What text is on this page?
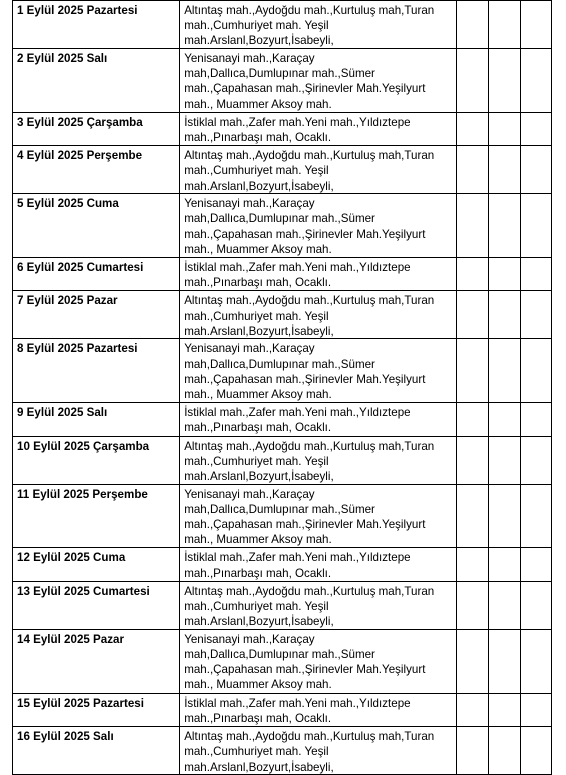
1 Eylül 2025 Pazartesi	Altıntaş mah.,Aydoğdu mah.,Kurtuluş mah,Turan
mah.,Cumhuriyet mah. Yeşil
mah.Arslanl,Bozyurt,İsabeyli,			

2 Eylül 2025 Salı	Yenisanayi mah.,Karaçay
mah,Dallıca,Dumlupınar mah.,Sümer
mah.,Çapahasan mah.,Şirinevler Mah.Yeşilyurt
mah., Muammer Aksoy mah.			

3 Eylül 2025 Çarşamba	İstiklal mah.,Zafer mah.Yeni mah.,Yıldıztepe
mah.,Pınarbaşı mah, Ocaklı.			

4 Eylül 2025 Perşembe	Altıntaş mah.,Aydoğdu mah.,Kurtuluş mah,Turan
mah.,Cumhuriyet mah. Yeşil
mah.Arslanl,Bozyurt,İsabeyli,			

5 Eylül 2025 Cuma	Yenisanayi mah.,Karaçay
mah,Dallıca,Dumlupınar mah.,Sümer
mah.,Çapahasan mah.,Şirinevler Mah.Yeşilyurt
mah., Muammer Aksoy mah.			

6 Eylül 2025 Cumartesi	İstiklal mah.,Zafer mah.Yeni mah.,Yıldıztepe
mah.,Pınarbaşı mah, Ocaklı.			

7 Eylül 2025 Pazar	Altıntaş mah.,Aydoğdu mah.,Kurtuluş mah,Turan
mah.,Cumhuriyet mah. Yeşil
mah.Arslanl,Bozyurt,İsabeyli,			

8 Eylül 2025 Pazartesi	Yenisanayi mah.,Karaçay
mah,Dallıca,Dumlupınar mah.,Sümer
mah.,Çapahasan mah.,Şirinevler Mah.Yeşilyurt
mah., Muammer Aksoy mah.			

9 Eylül 2025 Salı	İstiklal mah.,Zafer mah.Yeni mah.,Yıldıztepe
mah.,Pınarbaşı mah, Ocaklı.			

10 Eylül 2025 Çarşamba	Altıntaş mah.,Aydoğdu mah.,Kurtuluş mah,Turan
mah.,Cumhuriyet mah. Yeşil
mah.Arslanl,Bozyurt,İsabeyli,			

11 Eylül 2025 Perşembe	Yenisanayi mah.,Karaçay
mah,Dallıca,Dumlupınar mah.,Sümer
mah.,Çapahasan mah.,Şirinevler Mah.Yeşilyurt
mah., Muammer Aksoy mah.			

12 Eylül 2025 Cuma	İstiklal mah.,Zafer mah.Yeni mah.,Yıldıztepe
mah.,Pınarbaşı mah, Ocaklı.			

13 Eylül 2025 Cumartesi	Altıntaş mah.,Aydoğdu mah.,Kurtuluş mah,Turan
mah.,Cumhuriyet mah. Yeşil
mah.Arslanl,Bozyurt,İsabeyli,			

14 Eylül 2025 Pazar	Yenisanayi mah.,Karaçay
mah,Dallıca,Dumlupınar mah.,Sümer
mah.,Çapahasan mah.,Şirinevler Mah.Yeşilyurt
mah., Muammer Aksoy mah.			

15 Eylül 2025 Pazartesi	İstiklal mah.,Zafer mah.Yeni mah.,Yıldıztepe
mah.,Pınarbaşı mah, Ocaklı.			

16 Eylül 2025 Salı	Altıntaş mah.,Aydoğdu mah.,Kurtuluş mah,Turan
mah.,Cumhuriyet mah. Yeşil
mah.Arslanl,Bozyurt,İsabeyli,			
